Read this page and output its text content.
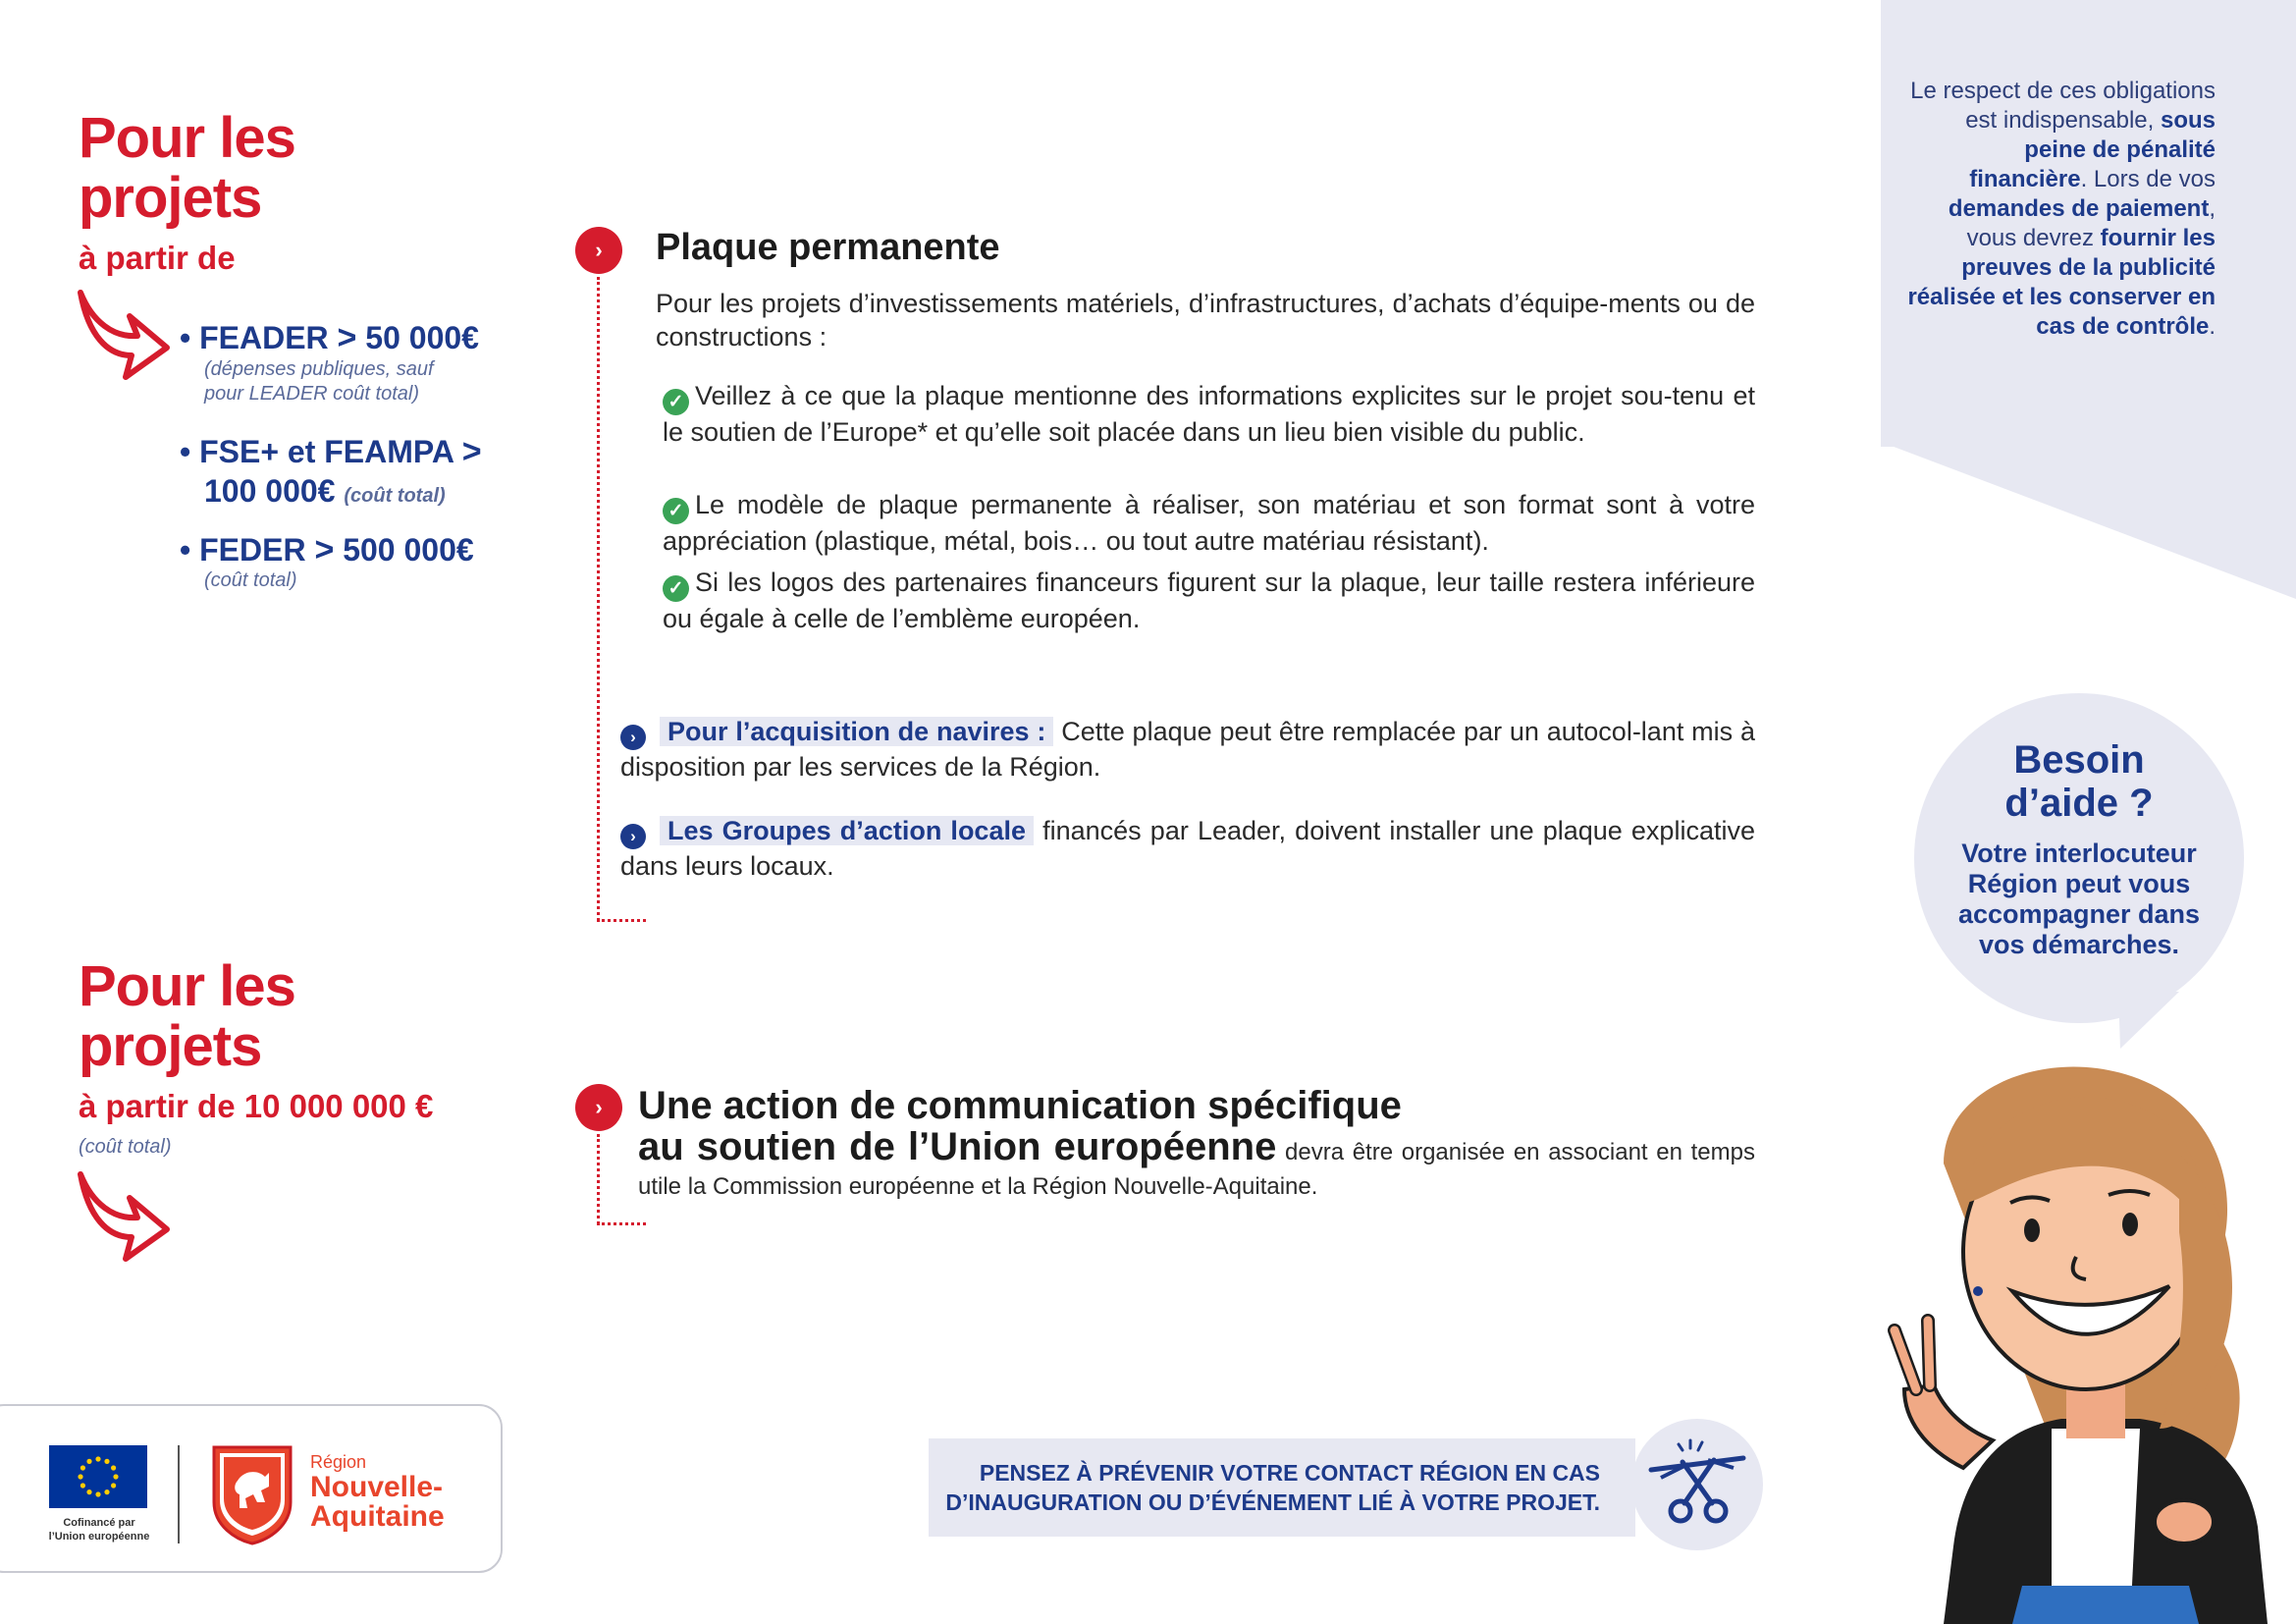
Pour les
projets
à partir de
• FEADER > 50 000€
(dépenses publiques, sauf
pour LEADER coût total)
• FSE+ et FEAMPA >
100 000€ (coût total)
• FEDER > 500 000€
(coût total)
Pour les
projets
à partir de 10 000 000 €
(coût total)
›	Plaque permanente
Pour les projets d’investissements matériels, d’infrastructures, d’achats d’équipe-ments ou de constructions :
✓ Veillez à ce que la plaque mentionne des informations explicites sur le projet sou-tenu et le soutien de l’Europe* et qu’elle soit placée dans un lieu bien visible du public.
✓ Le modèle de plaque permanente à réaliser, son matériau et son format sont à votre appréciation (plastique, métal, bois… ou tout autre matériau résistant).
✓ Si les logos des partenaires financeurs figurent sur la plaque, leur taille restera inférieure ou égale à celle de l’emblème européen.
› Pour l’acquisition de navires : Cette plaque peut être remplacée par un autocol-lant mis à disposition par les services de la Région.
› Les Groupes d’action locale financés par Leader, doivent installer une plaque explicative dans leurs locaux.
› Une action de communication spécifique
au soutien de l’Union européenne devra être organisée en associant en temps utile la Commission européenne et la Région Nouvelle-Aquitaine.
Le respect de ces obligations est indispensable, sous peine de pénalité financière. Lors de vos demandes de paiement, vous devrez fournir les preuves de la publicité réalisée et les conserver en cas de contrôle.
Besoin
d’aide ?
Votre interlocuteur Région peut vous accompagner dans vos démarches.
PENSEZ À PRÉVENIR VOTRE CONTACT RÉGION EN CAS
D’INAUGURATION OU D’ÉVÉNEMENT LIÉ À VOTRE PROJET.
Cofinancé par
l’Union européenne
Région
Nouvelle-
Aquitaine
